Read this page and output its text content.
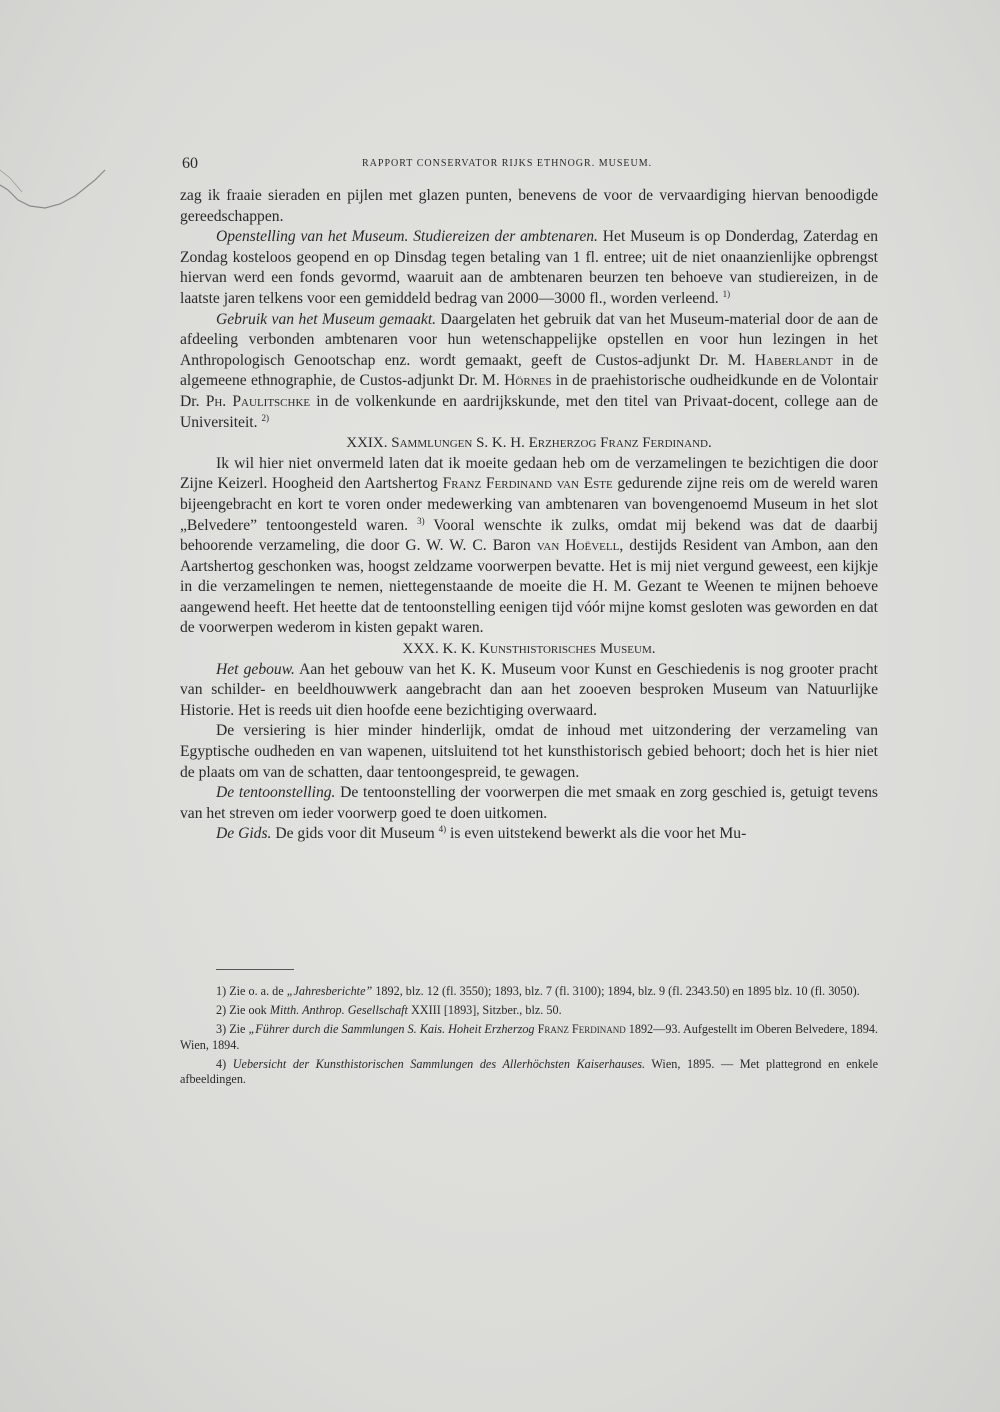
60	RAPPORT CONSERVATOR RIJKS ETHNOGR. MUSEUM.

zag ik fraaie sieraden en pijlen met glazen punten, benevens de voor de vervaardiging hiervan benoodigde gereedschappen.

Openstelling van het Museum. Studiereizen der ambtenaren. Het Museum is op Donderdag, Zaterdag en Zondag kosteloos geopend en op Dinsdag tegen betaling van 1 fl. entree; uit de niet onaanzienlijke opbrengst hiervan werd een fonds gevormd, waaruit aan de ambtenaren beurzen ten behoeve van studiereizen, in de laatste jaren telkens voor een gemiddeld bedrag van 2000—3000 fl., worden verleend. $^{1)}$

Gebruik van het Museum gemaakt. Daargelaten het gebruik dat van het Museum-material door de aan de afdeeling verbonden ambtenaren voor hun wetenschappelijke opstellen en voor hun lezingen in het Anthropologisch Genootschap enz. wordt gemaakt, geeft de Custos-adjunkt Dr. M. Haberlandt in de algemeene ethnographie, de Custos-adjunkt Dr. M. Hörnes in de praehistorische oudheidkunde en de Volontair Dr. Ph. Paulitschke in de volkenkunde en aardrijkskunde, met den titel van Privaat-docent, college aan de Universiteit. $^{2)}$

XXIX. Sammlungen S. K. H. Erzherzog Franz Ferdinand.

Ik wil hier niet onvermeld laten dat ik moeite gedaan heb om de verzamelingen te bezichtigen die door Zijne Keizerl. Hoogheid den Aartshertog Franz Ferdinand van Este gedurende zijne reis om de wereld waren bijeengebracht en kort te voren onder medewerking van ambtenaren van bovengenoemd Museum in het slot „Belvedere” tentoongesteld waren. $^{3)}$ Vooral wenschte ik zulks, omdat mij bekend was dat de daarbij behoorende verzameling, die door G. W. W. C. Baron van Hoëvell, destijds Resident van Ambon, aan den Aartshertog geschonken was, hoogst zeldzame voorwerpen bevatte. Het is mij niet vergund geweest, een kijkje in die verzamelingen te nemen, niettegenstaande de moeite die H. M. Gezant te Weenen te mijnen behoeve aangewend heeft. Het heette dat de tentoonstelling eenigen tijd vóór mijne komst gesloten was geworden en dat de voorwerpen wederom in kisten gepakt waren.

XXX. K. K. Kunsthistorisches Museum.

Het gebouw. Aan het gebouw van het K. K. Museum voor Kunst en Geschiedenis is nog grooter pracht van schilder- en beeldhouwwerk aangebracht dan aan het zooeven besproken Museum van Natuurlijke Historie. Het is reeds uit dien hoofde eene bezichtiging overwaard.

De versiering is hier minder hinderlijk, omdat de inhoud met uitzondering der verzameling van Egyptische oudheden en van wapenen, uitsluitend tot het kunsthistorisch gebied behoort; doch het is hier niet de plaats om van de schatten, daar tentoongespreid, te gewagen.

De tentoonstelling. De tentoonstelling der voorwerpen die met smaak en zorg geschied is, getuigt tevens van het streven om ieder voorwerp goed te doen uitkomen.

De Gids. De gids voor dit Museum $^{4)}$ is even uitstekend bewerkt als die voor het Mu-

1) Zie o. a. de „Jahresberichte” 1892, blz. 12 (fl. 3550); 1893, blz. 7 (fl. 3100); 1894, blz. 9 (fl. 2343.50) en 1895 blz. 10 (fl. 3050).

2) Zie ook Mitth. Anthrop. Gesellschaft XXIII [1893], Sitzber., blz. 50.

3) Zie „Führer durch die Sammlungen S. Kais. Hoheit Erzherzog Franz Ferdinand 1892—93. Aufgestellt im Oberen Belvedere, 1894. Wien, 1894.

4) Uebersicht der Kunsthistorischen Sammlungen des Allerhöchsten Kaiserhauses. Wien, 1895. — Met plattegrond en enkele afbeeldingen.
